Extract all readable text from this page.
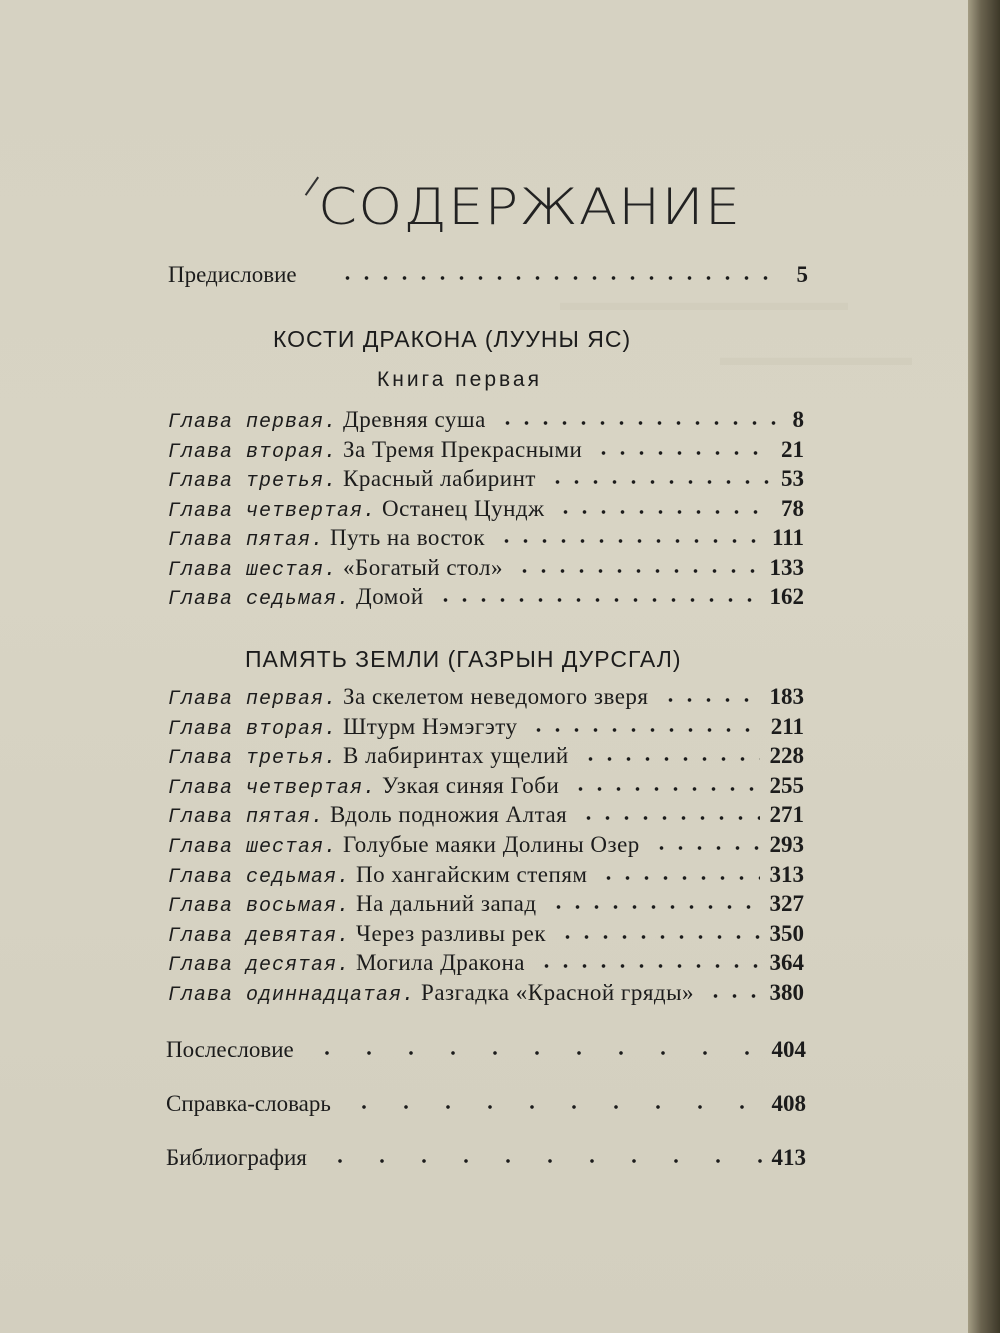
▬▬▬▬▬▬▬▬▬▬▬▬
▬▬▬▬▬▬▬▬
СОДЕРЖАНИЕ
Предисловие	5
КОСТИ ДРАКОНА (ЛУУНЫ ЯС)
Книга первая
Глава первая. Древняя суша	8
Глава вторая. За Тремя Прекрасными	21
Глава третья. Красный лабиринт	53
Глава четвертая. Останец Цундж	78
Глава пятая. Путь на восток	111
Глава шестая. «Богатый стол»	133
Глава седьмая. Домой	162
ПАМЯТЬ ЗЕМЛИ (ГАЗРЫН ДУРСГАЛ)
Глава первая. За скелетом неведомого зверя	183
Глава вторая. Штурм Нэмэгэту	211
Глава третья. В лабиринтах ущелий	228
Глава четвертая. Узкая синяя Гоби	255
Глава пятая. Вдоль подножия Алтая	271
Глава шестая. Голубые маяки Долины Озер	293
Глава седьмая. По хангайским степям	313
Глава восьмая. На дальний запад	327
Глава девятая. Через разливы рек	350
Глава десятая. Могила Дракона	364
Глава одиннадцатая. Разгадка «Красной гряды»	380
Послесловие	404
Справка-словарь	408
Библиография	413
